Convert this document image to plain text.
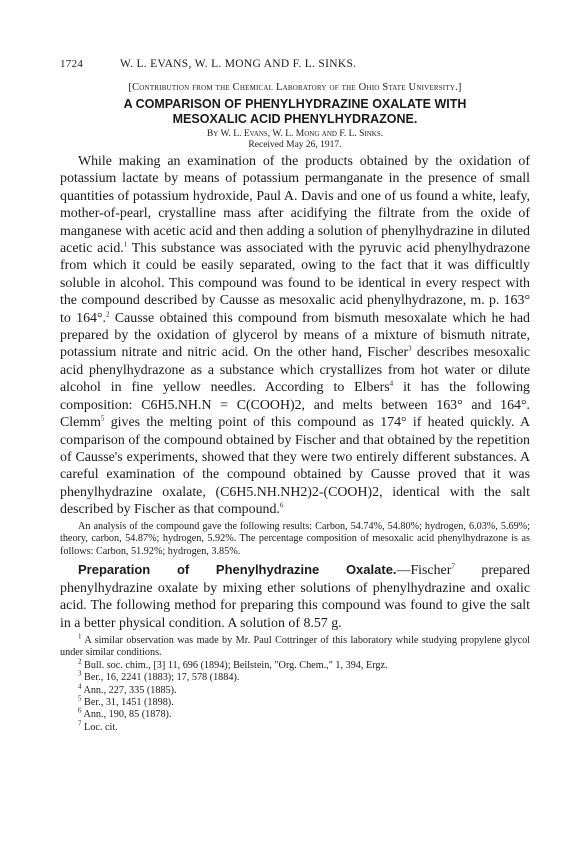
1724	W. L. EVANS, W. L. MONG AND F. L. SINKS.
[Contribution from the Chemical Laboratory of the Ohio State University.]
A COMPARISON OF PHENYLHYDRAZINE OXALATE WITH
MESOXALIC ACID PHENYLHYDRAZONE.
By W. L. Evans, W. L. Mong and F. L. Sinks.
Received May 26, 1917.

While making an examination of the products obtained by the oxidation of potassium lactate by means of potassium permanganate in the presence of small quantities of potassium hydroxide, Paul A. Davis and one of us found a white, leafy, mother-of-pearl, crystalline mass after acidifying the filtrate from the oxide of manganese with acetic acid and then adding a solution of phenylhydrazine in diluted acetic acid.$^1$ This substance was associated with the pyruvic acid phenylhydrazone from which it could be easily separated, owing to the fact that it was difficultly soluble in alcohol. This compound was found to be identical in every respect with the compound described by Causse as mesoxalic acid phenylhydrazone, m. p. 163° to 164°.$^2$ Causse obtained this compound from bismuth mesoxalate which he had prepared by the oxidation of glycerol by means of a mixture of bismuth nitrate, potassium nitrate and nitric acid. On the other hand, Fischer$^3$ describes mesoxalic acid phenylhydrazone as a substance which crystallizes from hot water or dilute alcohol in fine yellow needles. According to Elbers$^4$ it has the following composition: C6H5.NH.N = C(COOH)2, and melts between 163° and 164°. Clemm$^5$ gives the melting point of this compound as 174° if heated quickly. A comparison of the compound obtained by Fischer and that obtained by the repetition of Causse's experiments, showed that they were two entirely different substances. A careful examination of the compound obtained by Causse proved that it was phenylhydrazine oxalate, (C6H5.NH.NH2)2-(COOH)2, identical with the salt described by Fischer as that compound.$^6$

An analysis of the compound gave the following results: Carbon, 54.74%, 54.80%; hydrogen, 6.03%, 5.69%; theory, carbon, 54.87%; hydrogen, 5.92%. The percentage composition of mesoxalic acid phenylhydrazone is as follows: Carbon, 51.92%; hydrogen, 3.85%.

Preparation of Phenylhydrazine Oxalate.—Fischer$^7$ prepared phenylhydrazine oxalate by mixing ether solutions of phenylhydrazine and oxalic acid. The following method for preparing this compound was found to give the salt in a better physical condition. A solution of 8.57 g.

$^1$ A similar observation was made by Mr. Paul Cottringer of this laboratory while studying propylene glycol under similar conditions.

$^2$ Bull. soc. chim., [3] 11, 696 (1894); Beilstein, "Org. Chem.," 1, 394, Ergz.

$^3$ Ber., 16, 2241 (1883); 17, 578 (1884).

$^4$ Ann., 227, 335 (1885).

$^5$ Ber., 31, 1451 (1898).

$^6$ Ann., 190, 85 (1878).

$^7$ Loc. cit.
